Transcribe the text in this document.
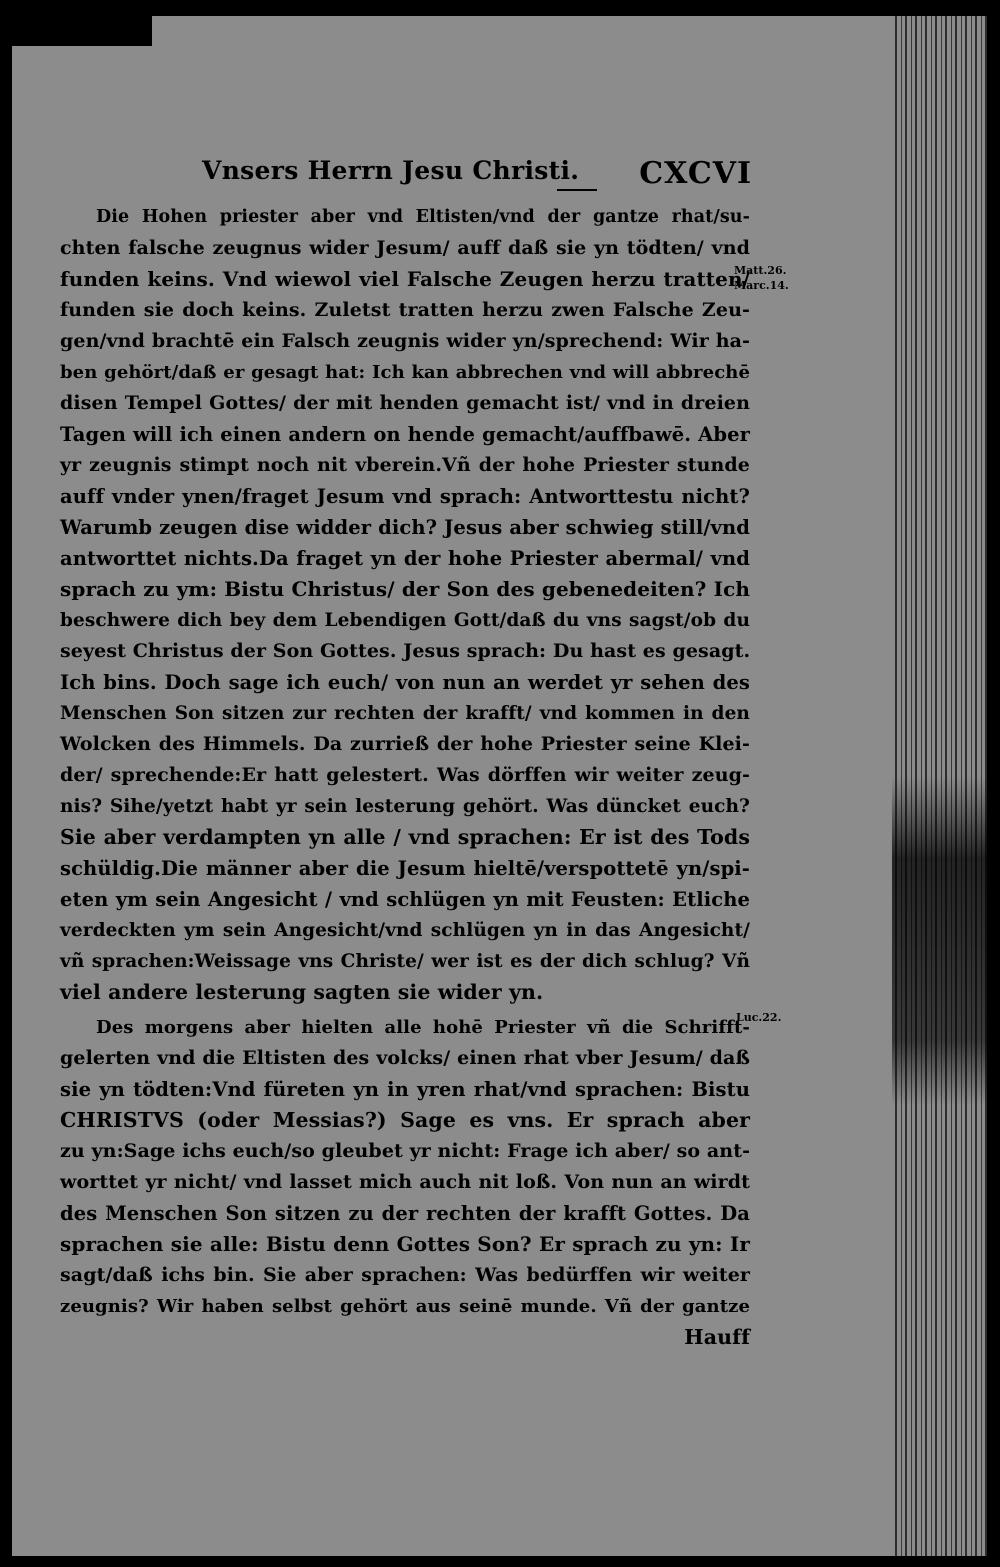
Vnsers Herrn Jesu Christi. CXCVI
Die Hohen priester aber vnd Eltisten/vnd der gantze rhat/su-
chten falsche zeugnus wider Jesum/ auff daß sie yn tödten/ vnd
funden keins. Vnd wiewol viel Falsche Zeugen herzu tratten/
funden sie doch keins. Zuletst tratten herzu zwen Falsche Zeu-
gen/vnd brachtē ein Falsch zeugnis wider yn/sprechend: Wir ha-
ben gehört/daß er gesagt hat: Ich kan abbrechen vnd will abbrechē
disen Tempel Gottes/ der mit henden gemacht ist/ vnd in dreien
Tagen will ich einen andern on hende gemacht/auffbawē. Aber
yr zeugnis stimpt noch nit vberein.Vñ der hohe Priester stunde
auff vnder ynen/fraget Jesum vnd sprach: Antworttestu nicht?
Warumb zeugen dise widder dich? Jesus aber schwieg still/vnd
antworttet nichts.Da fraget yn der hohe Priester abermal/ vnd
sprach zu ym: Bistu Christus/ der Son des gebenedeiten? Ich
beschwere dich bey dem Lebendigen Gott/daß du vns sagst/ob du
seyest Christus der Son Gottes. Jesus sprach: Du hast es gesagt.
Ich bins. Doch sage ich euch/ von nun an werdet yr sehen des
Menschen Son sitzen zur rechten der krafft/ vnd kommen in den
Wolcken des Himmels. Da zurrieß der hohe Priester seine Klei-
der/ sprechende:Er hatt gelestert. Was dörffen wir weiter zeug-
nis? Sihe/yetzt habt yr sein lesterung gehört. Was düncket euch?
Sie aber verdampten yn alle / vnd sprachen: Er ist des Tods
schüldig.Die männer aber die Jesum hieltē/verspottetē yn/spi-
eten ym sein Angesicht / vnd schlügen yn mit Feusten: Etliche
verdeckten ym sein Angesicht/vnd schlügen yn in das Angesicht/
vñ sprachen:Weissage vns Christe/ wer ist es der dich schlug? Vñ
viel andere lesterung sagten sie wider yn.
Des morgens aber hielten alle hohē Priester vñ die Schrifft-
gelerten vnd die Eltisten des volcks/ einen rhat vber Jesum/ daß
sie yn tödten:Vnd füreten yn in yren rhat/vnd sprachen: Bistu
CHRISTVS (oder Messias?) Sage es vns. Er sprach aber
zu yn:Sage ichs euch/so gleubet yr nicht: Frage ich aber/ so ant-
worttet yr nicht/ vnd lasset mich auch nit loß. Von nun an wirdt
des Menschen Son sitzen zu der rechten der krafft Gottes. Da
sprachen sie alle: Bistu denn Gottes Son? Er sprach zu yn: Ir
sagt/daß ichs bin. Sie aber sprachen: Was bedürffen wir weiter
zeugnis? Wir haben selbst gehört aus seinē munde. Vñ der gantze
Hauff
Matt.26.
Marc.14.
Luc.22.
